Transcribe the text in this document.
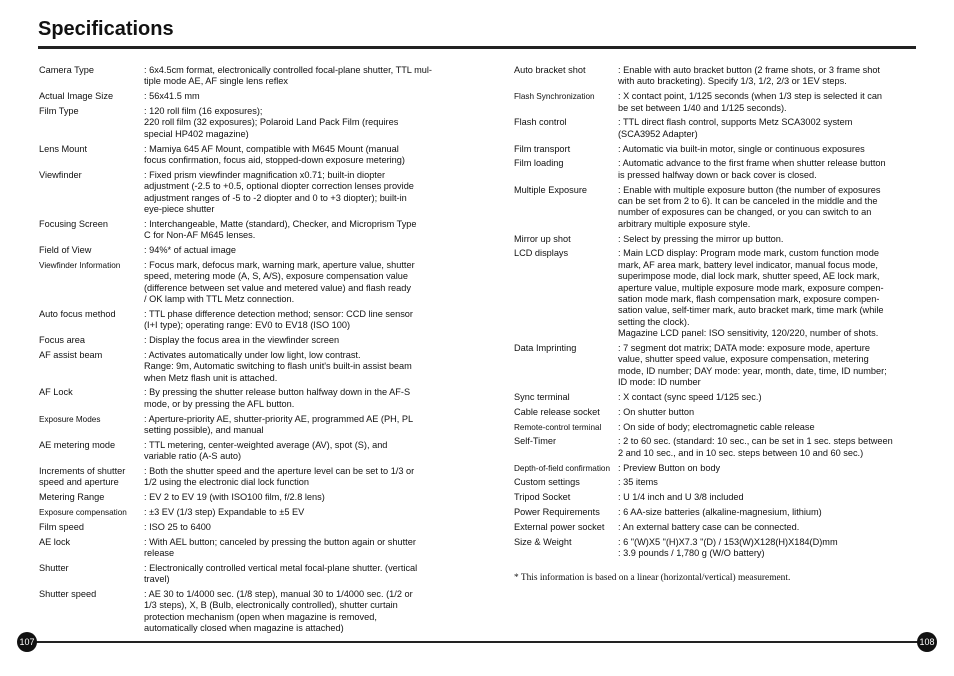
Specifications
Camera Type	: 6x4.5cm format, electronically controlled focal-plane shutter, TTL mul-
tiple mode AE, AF single lens reflex
Actual Image Size	: 56x41.5 mm
Film Type	: 120 roll film (16 exposures);
220 roll film (32 exposures); Polaroid Land Pack Film (requires
special HP402 magazine)
Lens Mount	: Mamiya 645 AF Mount, compatible with M645 Mount (manual
focus confirmation, focus aid, stopped-down exposure metering)
Viewfinder	: Fixed prism viewfinder magnification x0.71; built-in diopter
adjustment (-2.5 to +0.5, optional diopter correction lenses provide
adjustment ranges of -5 to -2 diopter and 0 to +3 diopter); built-in
eye-piece shutter
Focusing Screen	: Interchangeable, Matte (standard), Checker, and Microprism Type
C for Non-AF M645 lenses.
Field of View	: 94%* of actual image
Viewfinder Information	: Focus mark, defocus mark, warning mark, aperture value, shutter
speed, metering mode (A, S, A/S), exposure compensation value
(difference between set value and metered value) and flash ready
/ OK lamp with TTL Metz connection.
Auto focus method	: TTL phase difference detection method; sensor: CCD line sensor
(I+I type); operating range: EV0 to EV18 (ISO 100)
Focus area	: Display the focus area in the viewfinder screen
AF assist beam	: Activates automatically under low light, low contrast.
Range: 9m, Automatic switching to flash unit's built-in assist beam
when Metz flash unit is attached.
AF Lock	: By pressing the shutter release button halfway down in the AF-S
mode, or by pressing the AFL button.
Exposure Modes	: Aperture-priority AE, shutter-priority AE, programmed AE (PH, PL
setting possible), and manual
AE metering mode	: TTL metering, center-weighted average (AV), spot (S), and
variable ratio (A-S auto)
Increments of shutter speed and aperture
: Both the shutter speed and the aperture level can be set to 1/3 or
1/2 using the electronic dial lock function
Metering Range	: EV 2 to EV 19 (with ISO100 film, f/2.8 lens)
Exposure compensation	: ±3 EV (1/3 step) Expandable to ±5 EV
Film speed	: ISO 25 to 6400
AE lock	: With AEL button; canceled by pressing the button again or shutter
release
Shutter	: Electronically controlled vertical metal focal-plane shutter. (vertical
travel)
Shutter speed	: AE 30 to 1/4000 sec. (1/8 step), manual 30 to 1/4000 sec. (1/2 or
1/3 steps), X, B (Bulb, electronically controlled), shutter curtain
protection mechanism (open when magazine is removed,
automatically closed when magazine is attached)
Auto bracket shot	: Enable with auto bracket button (2 frame shots, or 3 frame shot
with auto bracketing). Specify 1/3, 1/2, 2/3 or 1EV steps.
Flash Synchronization	: X contact point, 1/125 seconds (when 1/3 step is selected it can
be set between 1/40 and 1/125 seconds).
Flash control	: TTL direct flash control, supports Metz SCA3002 system
(SCA3952 Adapter)
Film transport	: Automatic via built-in motor, single or continuous exposures
Film loading	: Automatic advance to the first frame when shutter release button
is pressed halfway down or back cover is closed.
Multiple Exposure	: Enable with multiple exposure button (the number of exposures
can be set from 2 to 6). It can be canceled in the middle and the
number of exposures can be changed, or you can switch to an
arbitrary multiple exposure style.
Mirror up shot	: Select by pressing the mirror up button.
LCD displays	: Main LCD display: Program mode mark, custom function mode
mark, AF area mark, battery level indicator, manual focus mode,
superimpose mode, dial lock mark, shutter speed, AE lock mark,
aperture value, multiple exposure mode mark, exposure compen-
sation mode mark, flash compensation mark, exposure compen-
sation value, self-timer mark, auto bracket mark, time mark (while
setting the clock).
Magazine LCD panel: ISO sensitivity, 120/220, number of shots.
Data Imprinting	: 7 segment dot matrix; DATA mode: exposure mode, aperture
value, shutter speed value, exposure compensation, metering
mode, ID number; DAY mode: year, month, date, time, ID number;
ID mode: ID number
Sync terminal	: X contact (sync speed 1/125 sec.)
Cable release socket	: On shutter button
Remote-control terminal	: On side of body; electromagnetic cable release
Self-Timer	: 2 to 60 sec. (standard: 10 sec., can be set in 1 sec. steps between
2 and 10 sec., and in 10 sec. steps between 10 and 60 sec.)
Depth-of-field confirmation : Preview Button on body
Custom settings	: 35 items
Tripod Socket	: U 1/4 inch and U 3/8 included
Power Requirements	: 6 AA-size batteries (alkaline-magnesium, lithium)
External power socket	: An external battery case can be connected.
Size & Weight	: 6 "(W)X5 "(H)X7.3 "(D) / 153(W)X128(H)X184(D)mm
: 3.9 pounds / 1,780 g (W/O battery)
* This information is based on a linear (horizontal/vertical) measurement.
107	108
